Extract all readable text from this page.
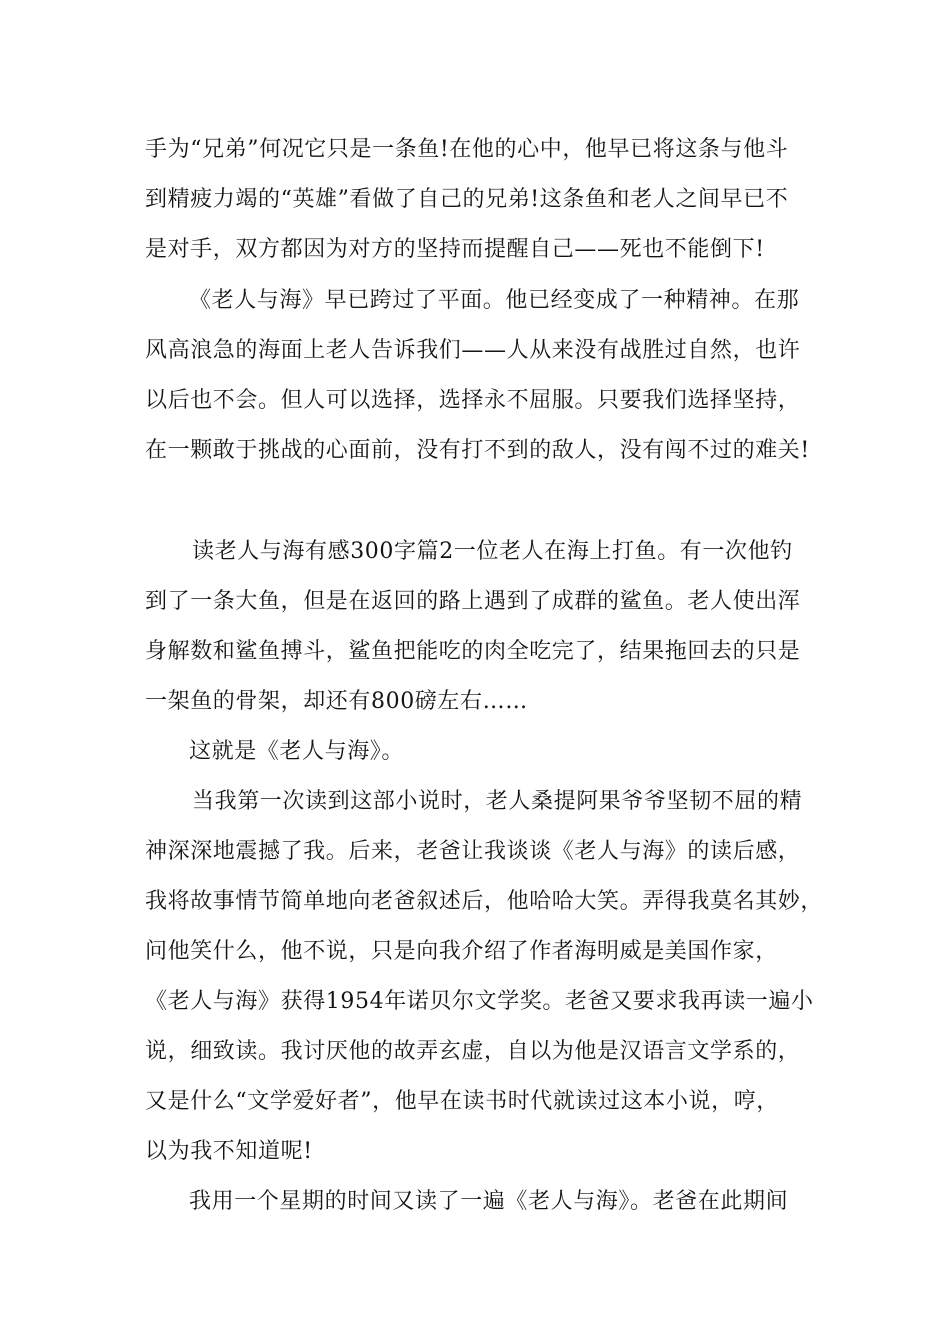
手为“兄弟”何况它只是一条鱼!在他的心中，他早已将这条与他斗
到精疲力竭的“英雄”看做了自己的兄弟!这条鱼和老人之间早已不
是对手，双方都因为对方的坚持而提醒自己——死也不能倒下!
《老人与海》早已跨过了平面。他已经变成了一种精神。在那
风高浪急的海面上老人告诉我们——人从来没有战胜过自然，也许
以后也不会。但人可以选择，选择永不屈服。只要我们选择坚持，
在一颗敢于挑战的心面前，没有打不到的敌人，没有闯不过的难关!
读老人与海有感300字篇2一位老人在海上打鱼。有一次他钓
到了一条大鱼，但是在返回的路上遇到了成群的鲨鱼。老人使出浑
身解数和鲨鱼搏斗，鲨鱼把能吃的肉全吃完了，结果拖回去的只是
一架鱼的骨架，却还有800磅左右……
这就是《老人与海》。
当我第一次读到这部小说时，老人桑提阿果爷爷坚韧不屈的精
神深深地震撼了我。后来，老爸让我谈谈《老人与海》的读后感，
我将故事情节简单地向老爸叙述后，他哈哈大笑。弄得我莫名其妙，
问他笑什么，他不说，只是向我介绍了作者海明威是美国作家，
《老人与海》获得1954年诺贝尔文学奖。老爸又要求我再读一遍小
说，细致读。我讨厌他的故弄玄虚，自以为他是汉语言文学系的，
又是什么“文学爱好者”，他早在读书时代就读过这本小说，哼，
以为我不知道呢!
我用一个星期的时间又读了一遍《老人与海》。老爸在此期间
